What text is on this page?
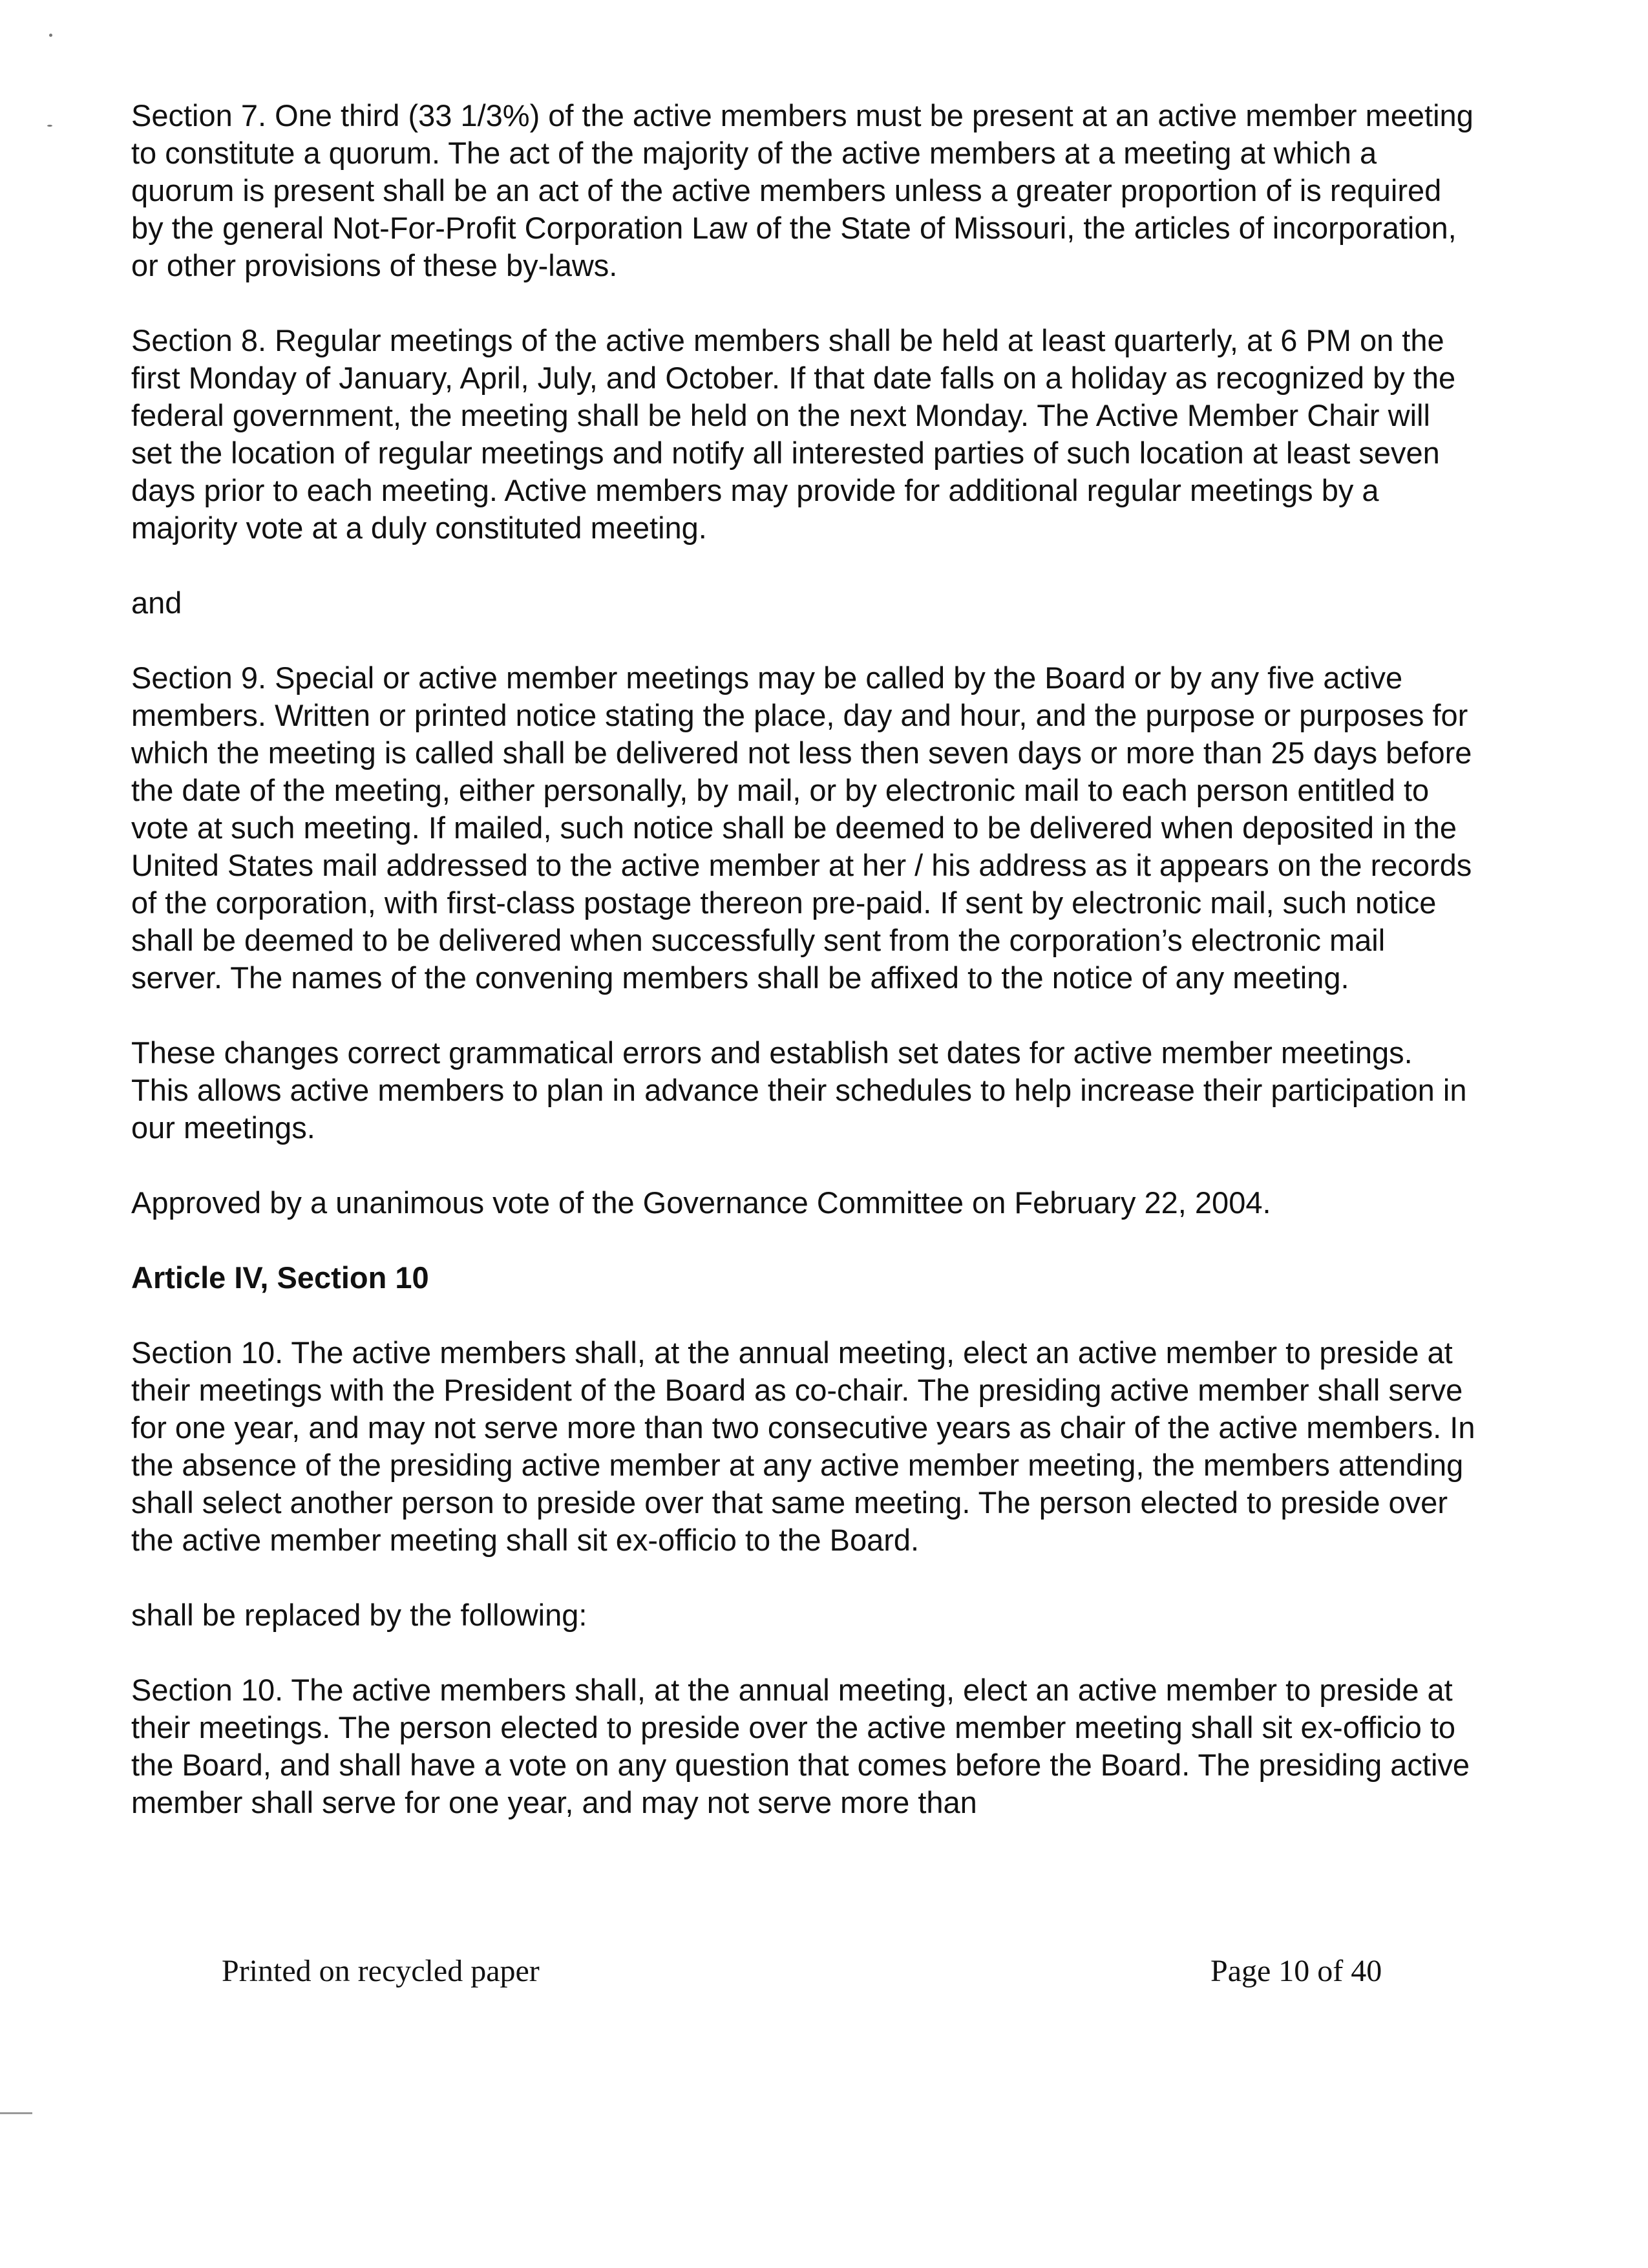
Section 7. One third (33 1/3%) of the active members must be present at an active member meeting to constitute a quorum. The act of the majority of the active members at a meeting at which a quorum is present shall be an act of the active members unless a greater proportion of is required by the general Not-For-Profit Corporation Law of the State of Missouri, the articles of incorporation, or other provisions of these by-laws.

Section 8. Regular meetings of the active members shall be held at least quarterly, at 6 PM on the first Monday of January, April, July, and October. If that date falls on a holiday as recognized by the federal government, the meeting shall be held on the next Monday. The Active Member Chair will set the location of regular meetings and notify all interested parties of such location at least seven days prior to each meeting. Active members may provide for additional regular meetings by a majority vote at a duly constituted meeting.

and

Section 9. Special or active member meetings may be called by the Board or by any five active members. Written or printed notice stating the place, day and hour, and the purpose or purposes for which the meeting is called shall be delivered not less then seven days or more than 25 days before the date of the meeting, either personally, by mail, or by electronic mail to each person entitled to vote at such meeting. If mailed, such notice shall be deemed to be delivered when deposited in the United States mail addressed to the active member at her / his address as it appears on the records of the corporation, with first-class postage thereon pre-paid. If sent by electronic mail, such notice shall be deemed to be delivered when successfully sent from the corporation’s electronic mail server. The names of the convening members shall be affixed to the notice of any meeting.

These changes correct grammatical errors and establish set dates for active member meetings. This allows active members to plan in advance their schedules to help increase their participation in our meetings.

Approved by a unanimous vote of the Governance Committee on February 22, 2004.

Article IV, Section 10

Section 10. The active members shall, at the annual meeting, elect an active member to preside at their meetings with the President of the Board as co-chair. The presiding active member shall serve for one year, and may not serve more than two consecutive years as chair of the active members. In the absence of the presiding active member at any active member meeting, the members attending shall select another person to preside over that same meeting. The person elected to preside over the active member meeting shall sit ex-officio to the Board.

shall be replaced by the following:

Section 10. The active members shall, at the annual meeting, elect an active member to preside at their meetings. The person elected to preside over the active member meeting shall sit ex-officio to the Board, and shall have a vote on any question that comes before the Board. The presiding active member shall serve for one year, and may not serve more than

Printed on recycled paper	Page 10 of 40
